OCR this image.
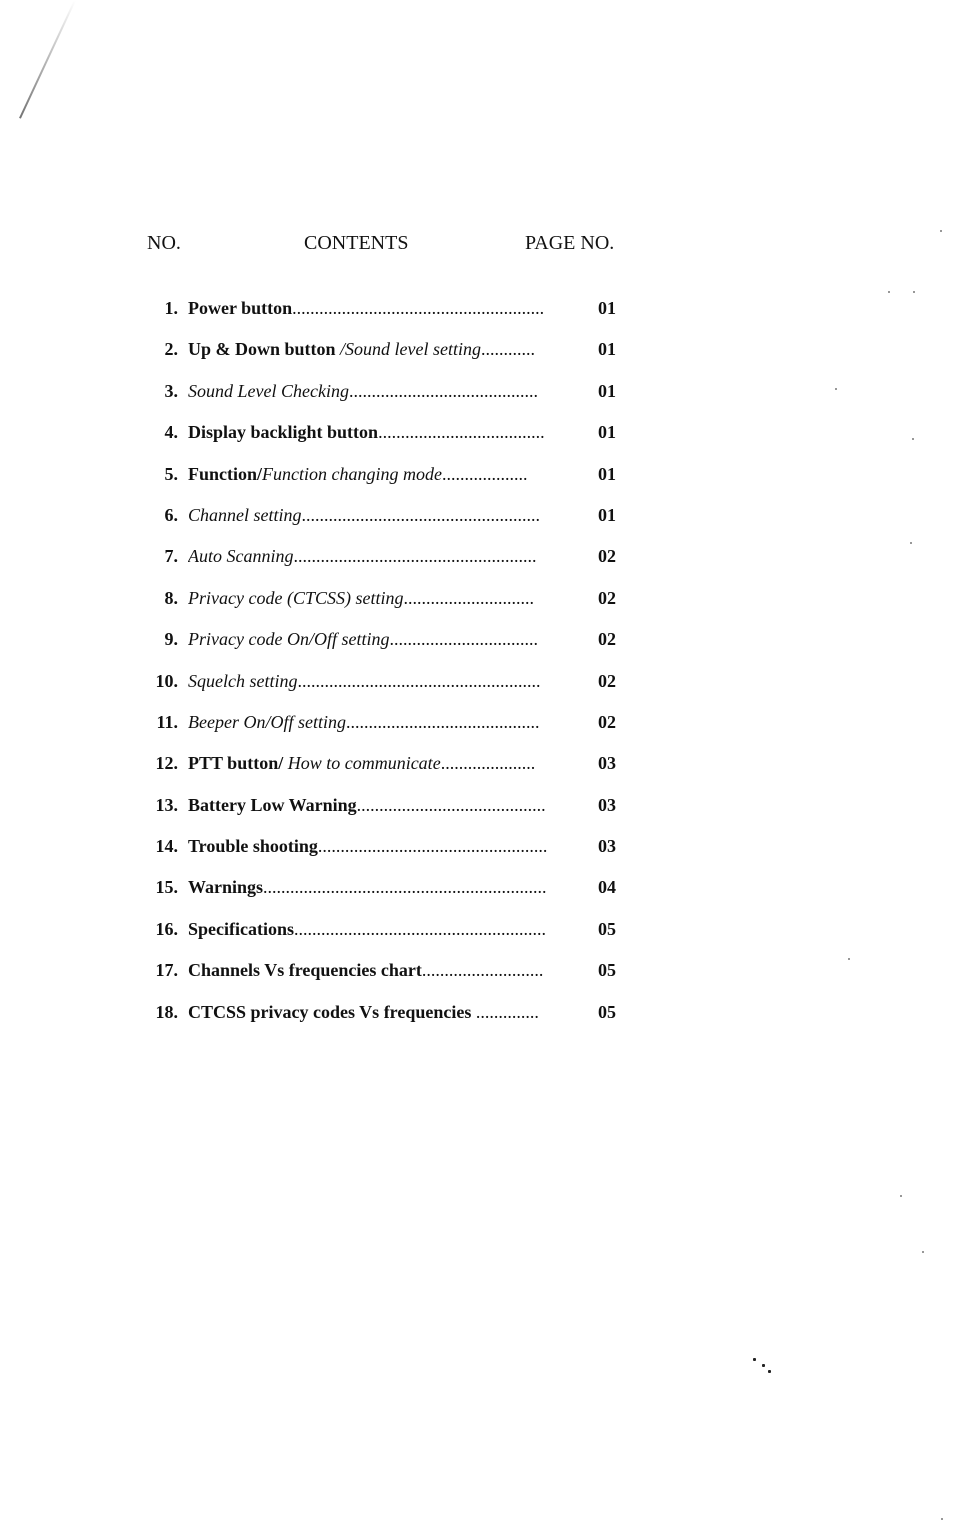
NO.	CONTENTS	PAGE NO.
1. Power button........................................................	01
2. Up & Down button /Sound level setting............	01
3. Sound Level Checking..........................................	01
4. Display backlight button.....................................	01
5. Function/Function changing mode...................	01
6. Channel setting.....................................................	01
7. Auto Scanning......................................................	02
8. Privacy code (CTCSS) setting.............................	02
9. Privacy code On/Off setting.................................	02
10. Squelch setting......................................................	02
11. Beeper On/Off setting...........................................	02
12. PTT button/ How to communicate.....................	03
13. Battery Low Warning..........................................	03
14. Trouble shooting...................................................	03
15. Warnings...............................................................	04
16. Specifications........................................................	05
17. Channels Vs frequencies chart...........................	05
18. CTCSS privacy codes Vs frequencies ..............	05
